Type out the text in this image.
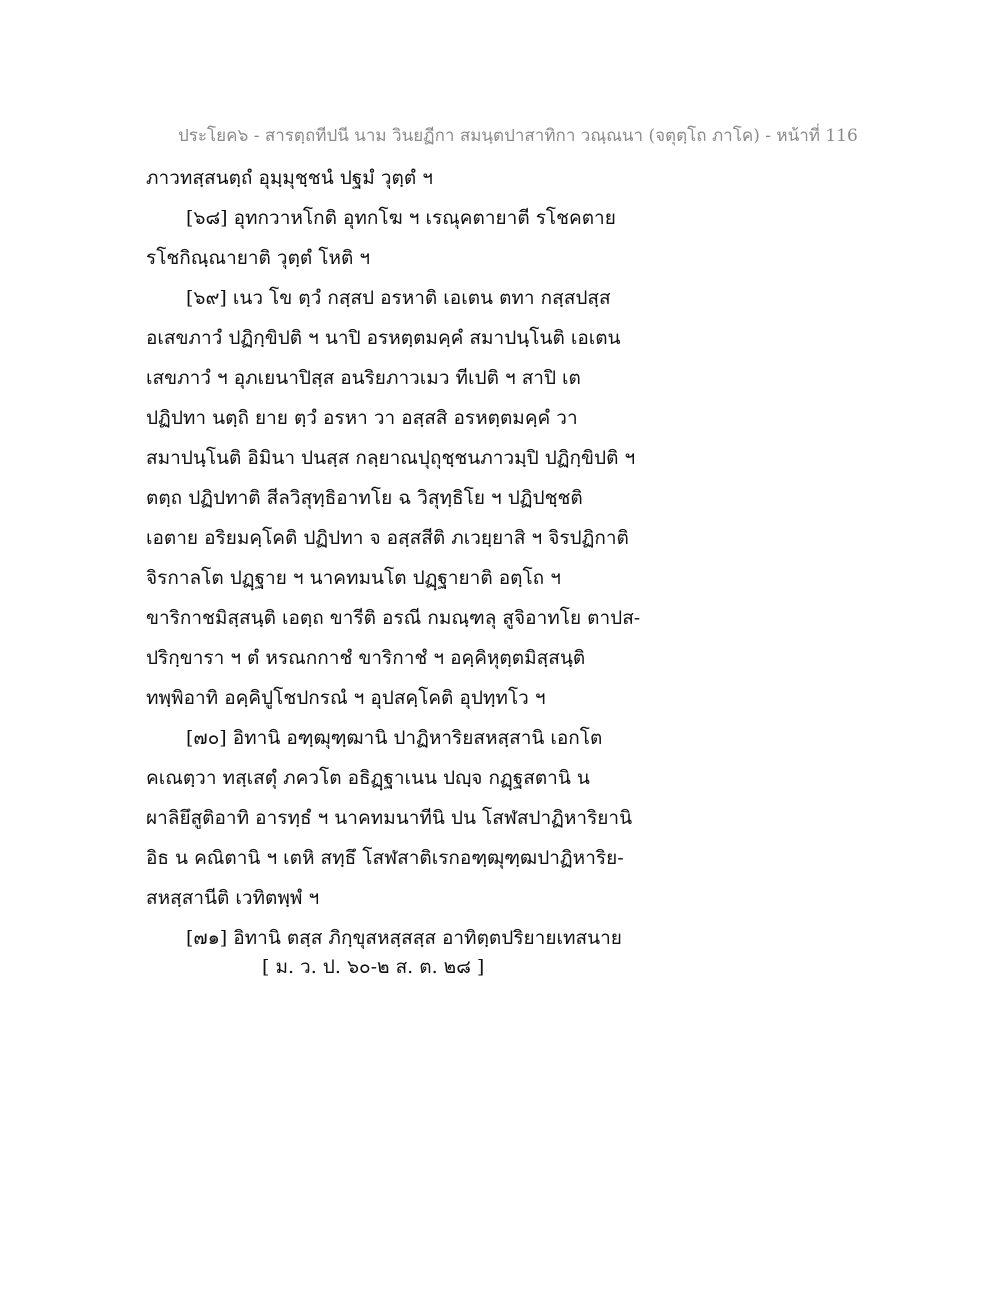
ประโยค๖ - สารตฺถทีปนี นาม วินยฏีกา สมนฺตปาสาทิกา วณฺณนา (จตุตฺโถ ภาโค) - หน้าที่ 116
ภาวทสฺสนตฺถํ อุมฺมุชฺชนํ ปฐมํ วุตฺตํ ฯ
[๖๘] อุทกวาหโกติ อุทกโฆ ฯ เรณุคตายาตี รโชคตาย
รโชกิณฺณายาติ วุตฺตํ โหติ ฯ
[๖๙] เนว โข ตฺวํ กสฺสป อรหาติ เอเตน ตทา กสฺสปสฺส
อเสขภาวํ ปฏิกฺขิปติ ฯ นาปิ อรหตฺตมคฺคํ สมาปนฺโนติ เอเตน
เสขภาวํ ฯ อุภเยนาปิสฺส อนริยภาวเมว ทีเปติ ฯ สาปิ เต
ปฏิปทา นตฺถิ ยาย ตฺวํ อรหา วา อสฺสสิ อรหตฺตมคฺคํ วา
สมาปนฺโนติ อิมินา ปนสฺส กลฺยาณปุถุชฺชนภาวมฺปิ ปฏิกฺขิปติ ฯ
ตตฺถ ปฏิปทาติ สีลวิสุทฺธิอาทโย ฉ วิสุทฺธิโย ฯ ปฏิปชฺชติ
เอตาย อริยมคฺโคติ ปฏิปทา จ อสฺสสีติ ภเวยฺยาสิ ฯ จิรปฏิกาติ
จิรกาลโต ปฏฺฐาย ฯ นาคทมนโต ปฏฺฐายาติ อตฺโถ ฯ
ขาริกาชมิสฺสนฺติ เอตฺถ ขารีติ อรณี กมณฺฑลุ สูจิอาทโย ตาปส-
ปริกฺขารา ฯ ตํ หรณกกาชํ ขาริกาชํ ฯ อคฺคิหุตฺตมิสฺสนฺติ
ทพฺพิอาทิ อคฺคิปูโชปกรณํ ฯ อุปสคฺโคติ อุปทฺทโว ฯ
[๗๐] อิทานิ อฑฺฒุฑฺฒานิ ปาฏิหาริยสหสฺสานิ เอกโต
คเณตฺวา ทสฺเสตุํ ภควโต อธิฏฺฐาเนน ปญฺจ กฏฺฐสตานิ น
ผาลิยึสูติอาทิ อารทฺธํ ฯ นาคทมนาทีนิ ปน โสฬสปาฏิหาริยานิ
อิธ น คณิตานิ ฯ เตหิ สทฺธึ โสฬสาติเรกอฑฺฒุฑฺฒปาฏิหาริย-
สหสฺสานีติ เวทิตพฺพํ ฯ
[๗๑] อิทานิ ตสฺส ภิกฺขุสหสฺสสฺส อาทิตฺตปริยายเทสนาย
[ ม. ว. ป. ๖๐-๒ ส. ต. ๒๘ ]
